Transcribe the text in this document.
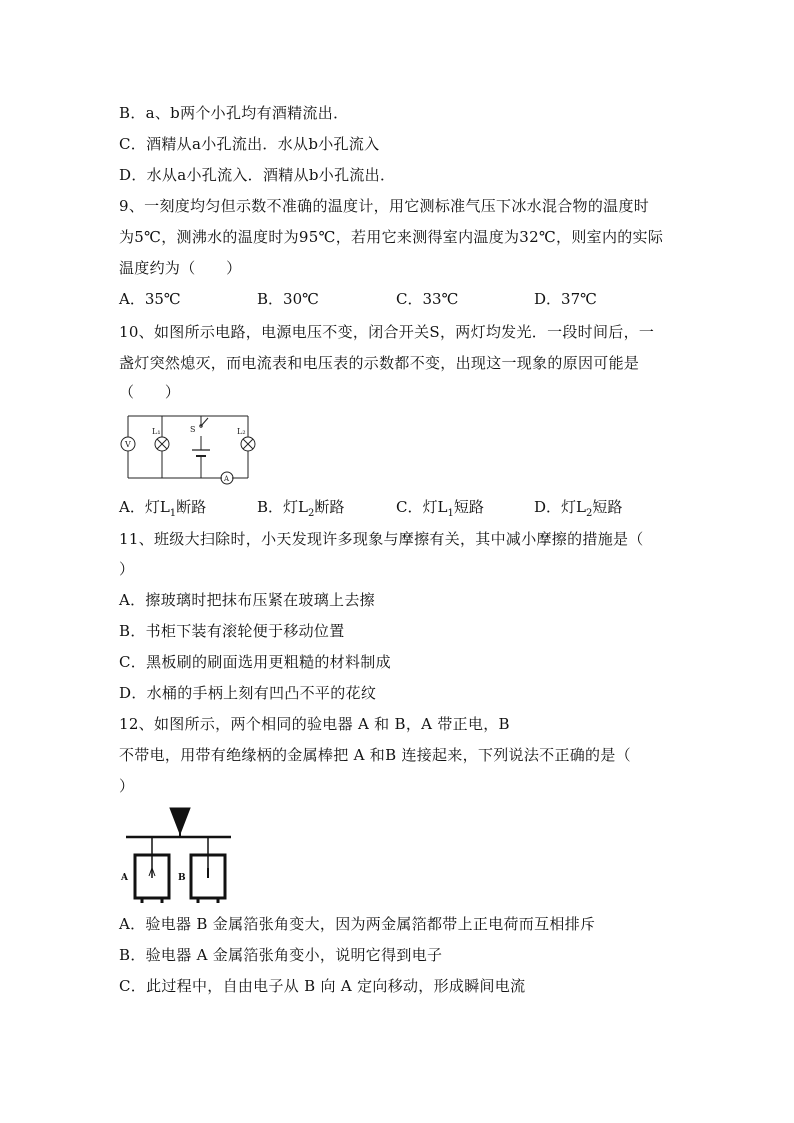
B．a、b两个小孔均有酒精流出．
C．酒精从a小孔流出．水从b小孔流入
D．水从a小孔流入．酒精从b小孔流出．
9、一刻度均匀但示数不准确的温度计，用它测标准气压下冰水混合物的温度时
为5℃，测沸水的温度时为95℃，若用它来测得室内温度为32℃，则室内的实际
温度约为（　　）
A．35℃	B．30℃	C．33℃	D．37℃
10、如图所示电路，电源电压不变，闭合开关S，两灯均发光．一段时间后，一
盏灯突然熄灭，而电流表和电压表的示数都不变，出现这一现象的原因可能是
（　　）
V
L₁	S	L₂
A
A．灯$L_1$断路	B．灯$L_2$断路	C．灯$L_1$短路	D．灯$L_2$短路
11、班级大扫除时，小天发现许多现象与摩擦有关，其中减小摩擦的措施是（
）
A．擦玻璃时把抹布压紧在玻璃上去擦
B．书柜下装有滚轮便于移动位置
C．黑板刷的刷面选用更粗糙的材料制成
D．水桶的手柄上刻有凹凸不平的花纹
12、如图所示，两个相同的验电器 A 和 B，A 带正电，B
不带电，用带有绝缘柄的金属棒把 A 和B 连接起来，下列说法不正确的是（
）
A	B
A．验电器 B 金属箔张角变大，因为两金属箔都带上正电荷而互相排斥
B．验电器 A 金属箔张角变小，说明它得到电子
C．此过程中，自由电子从 B 向 A 定向移动，形成瞬间电流
